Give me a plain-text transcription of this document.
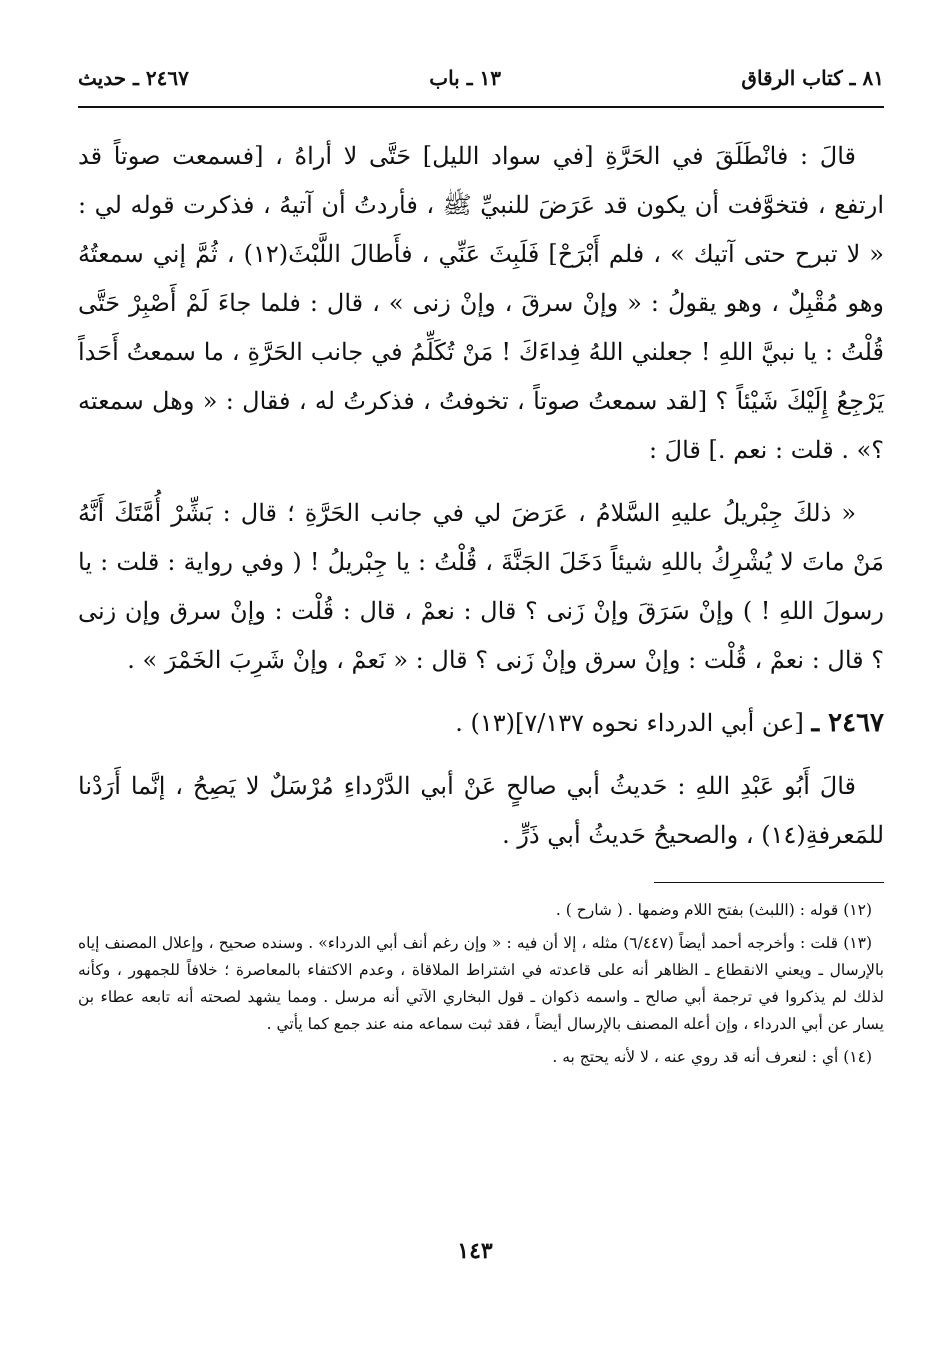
٨١ ـ كتاب الرقاق
١٣ ـ باب
٢٤٦٧ ـ حديث

قالَ : فانْطَلَقَ في الحَرَّةِ [في سواد الليل] حَتَّى لا أراهُ ، [فسمعت صوتاً قد ارتفع ، فتخوَّفت أن يكون قد عَرَضَ للنبيِّ ﷺ ، فأردتُ أن آتيهُ ، فذكرت قوله لي : « لا تبرح حتى آتيك » ، فلم أَبْرَحْ] فَلَبِثَ عَنِّي ، فأَطالَ اللَّبْثَ(١٢) ، ثُمَّ إني سمعتُهُ وهو مُقْبِلٌ ، وهو يقولُ : « وإنْ سرقَ ، وإنْ زنى » ، قال : فلما جاءَ لَمْ أَصْبِرْ حَتَّى قُلْتُ : يا نبيَّ اللهِ ! جعلني اللهُ فِداءَكَ ! مَنْ تُكَلِّمُ في جانب الحَرَّةِ ، ما سمعتُ أَحَداً يَرْجِعُ إِلَيْكَ شَيْئاً ؟ [لقد سمعتُ صوتاً ، تخوفتُ ، فذكرتُ له ، فقال : « وهل سمعته ؟» . قلت : نعم .] قالَ :

« ذلكَ جِبْريلُ عليهِ السَّلامُ ، عَرَضَ لي في جانب الحَرَّةِ ؛ قال : بَشِّرْ أُمَّتَكَ أَنَّهُ مَنْ ماتَ لا يُشْرِكُ باللهِ شيئاً دَخَلَ الجَنَّةَ ، قُلْتُ : يا جِبْريلُ ! ( وفي رواية : قلت : يا رسولَ اللهِ ! ) وإنْ سَرَقَ وإنْ زَنى ؟ قال : نعمْ ، قال : قُلْت : وإنْ سرق وإن زنى ؟ قال : نعمْ ، قُلْت : وإنْ سرق وإنْ زَنى ؟ قال : « نَعمْ ، وإنْ شَرِبَ الخَمْرَ » .

٢٤٦٧ ـ [عن أبي الدرداء نحوه ٧/١٣٧](١٣) .

قالَ أَبُو عَبْدِ اللهِ : حَديثُ أبي صالحٍ عَنْ أبي الدَّرْداءِ مُرْسَلٌ لا يَصِحُ ، إنَّما أَرَدْنا للمَعرفةِ(١٤) ، والصحيحُ حَديثُ أبي ذَرٍّ .

(١٢) قوله : (اللبث) بفتح اللام وضمها . ( شارح ) .

(١٣) قلت : وأخرجه أحمد أيضاً (٦/٤٤٧) مثله ، إلا أن فيه : « وإن رغم أنف أبي الدرداء» . وسنده صحيح ، وإعلال المصنف إياه بالإرسال ـ ويعني الانقطاع ـ الظاهر أنه على قاعدته في اشتراط الملاقاة ، وعدم الاكتفاء بالمعاصرة ؛ خلافاً للجمهور ، وكأنه لذلك لم يذكروا في ترجمة أبي صالح ـ واسمه ذكوان ـ قول البخاري الآتي أنه مرسل . ومما يشهد لصحته أنه تابعه عطاء بن يسار عن أبي الدرداء ، وإن أعله المصنف بالإرسال أيضاً ، فقد ثبت سماعه منه عند جمع كما يأتي .

(١٤) أي : لنعرف أنه قد روي عنه ، لا لأنه يحتج به .

١٤٣
